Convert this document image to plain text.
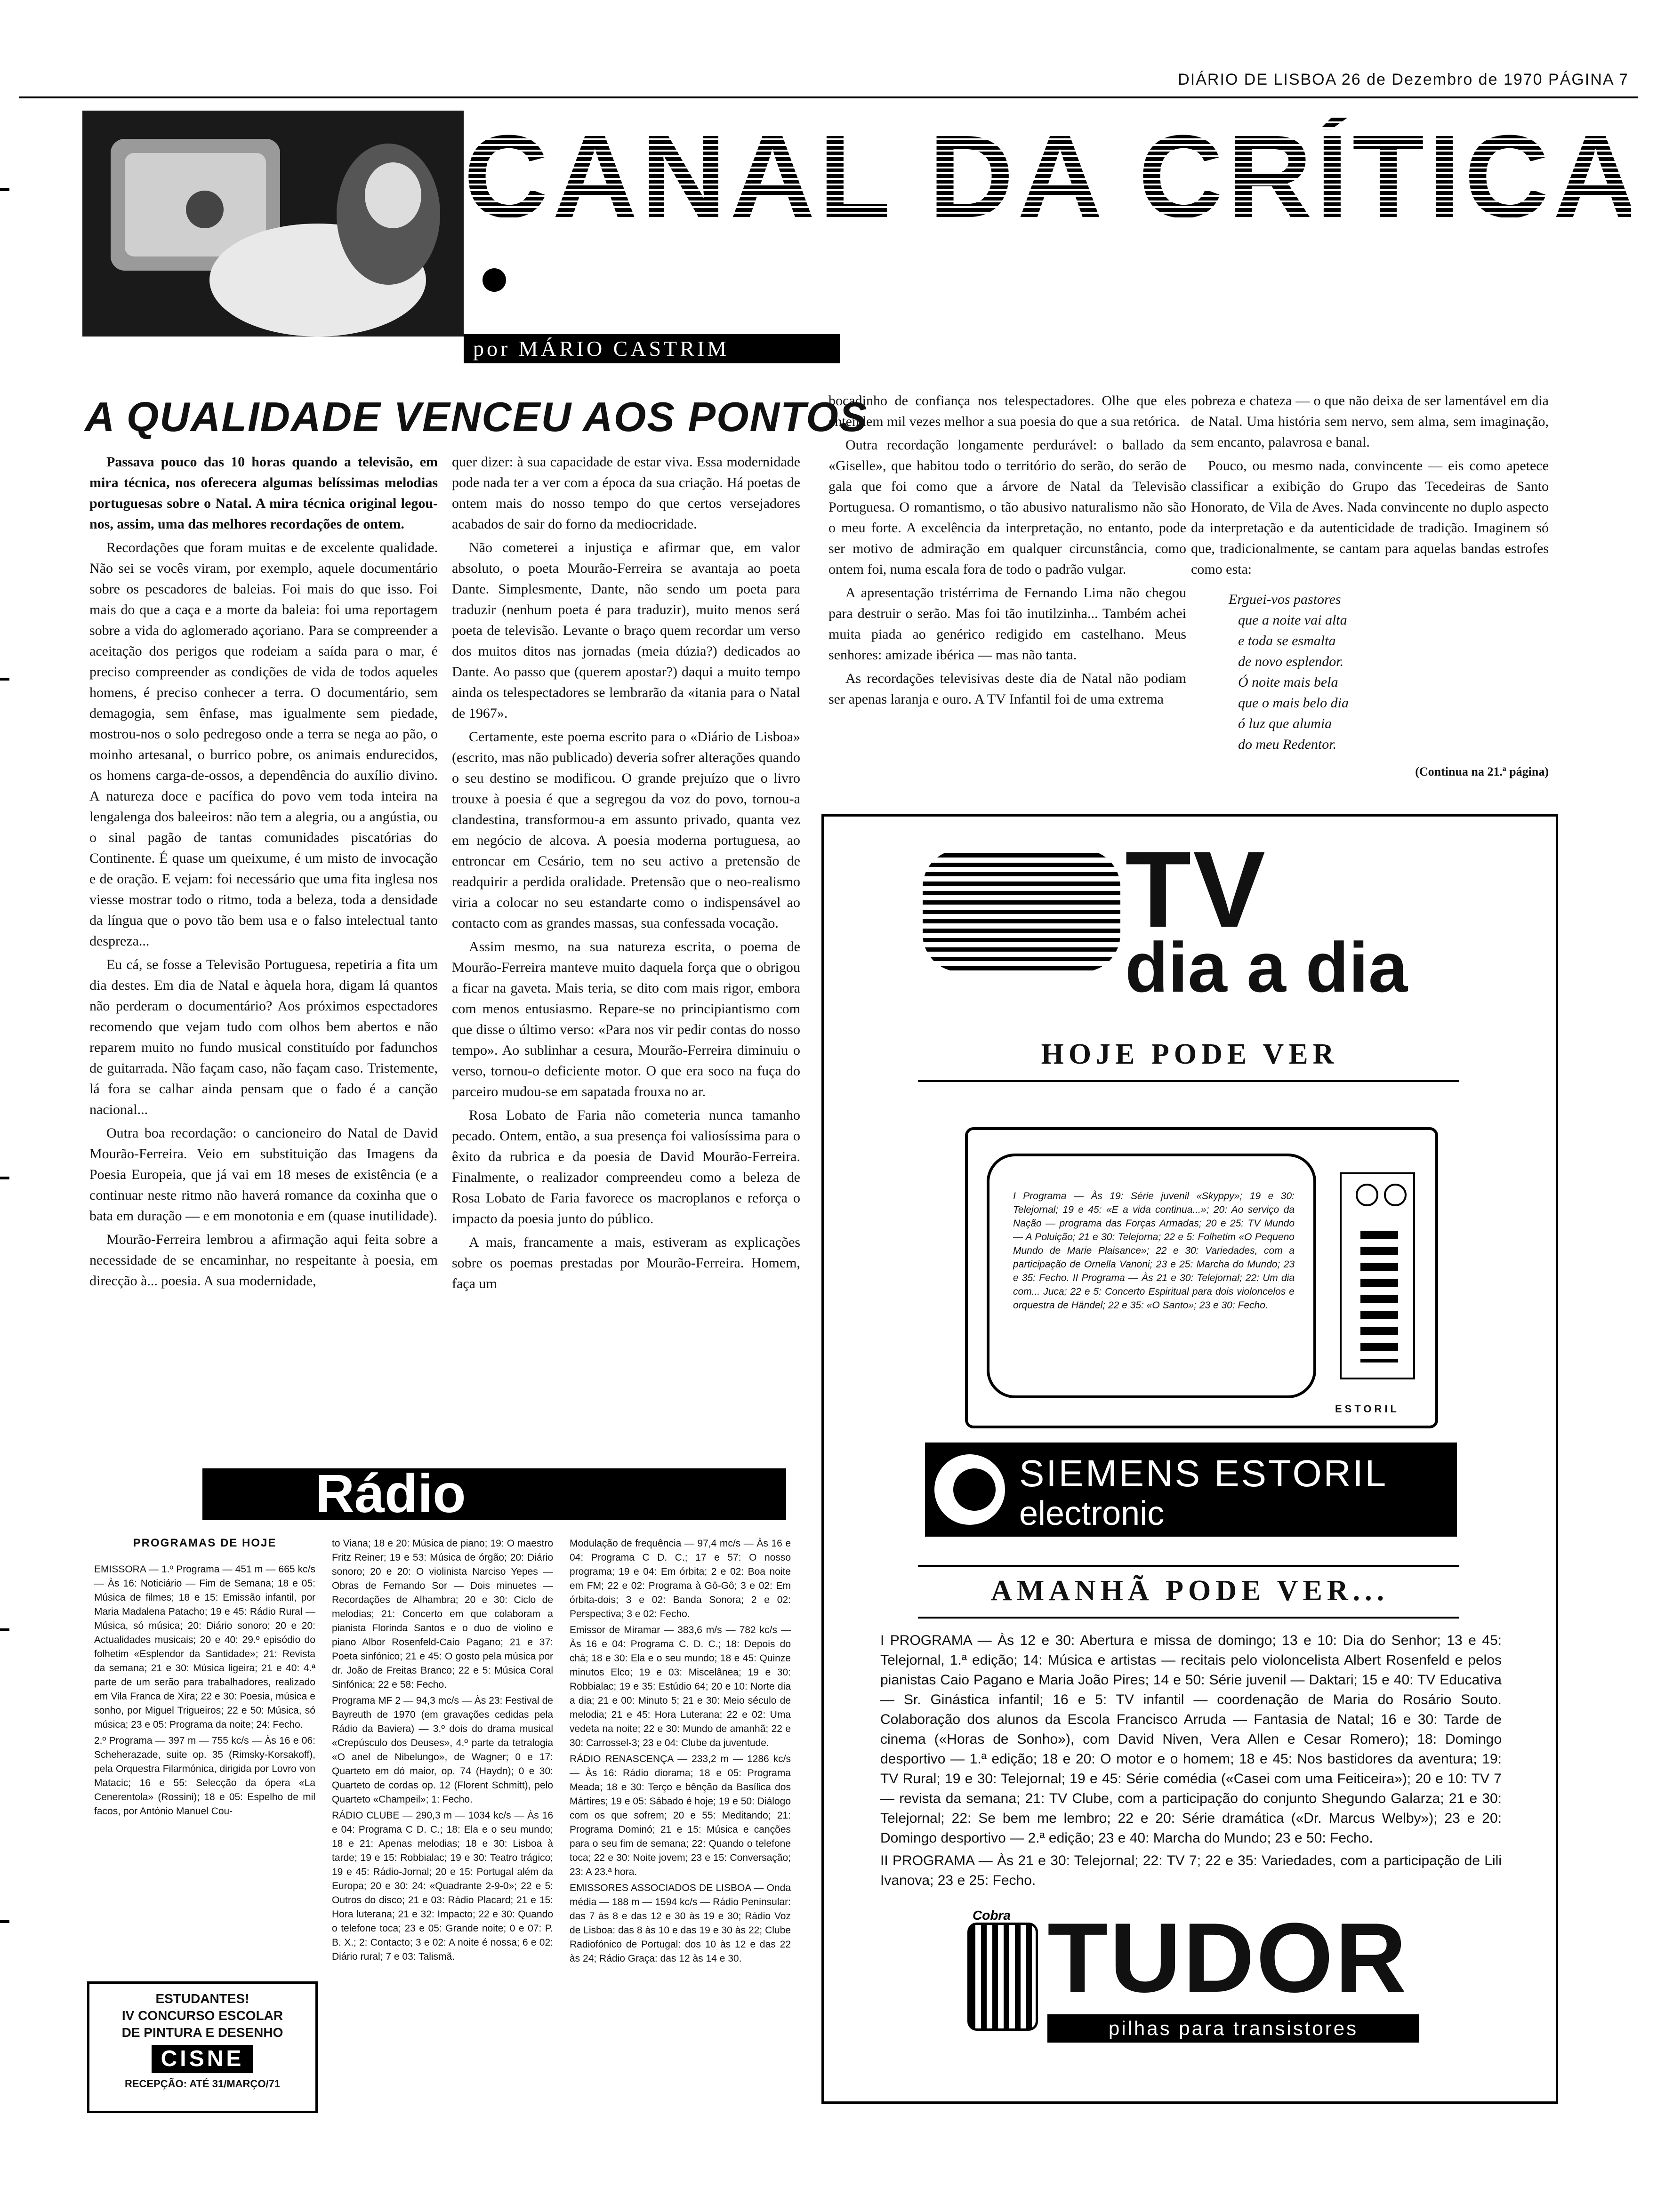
DIÁRIO DE LISBOA 26 de Dezembro de 1970 PÁGINA 7
CANAL DA CRÍTICA
por MÁRIO CASTRIM
A QUALIDADE VENCEU AOS PONTOS

Passava pouco das 10 horas quando a televisão, em mira técnica, nos oferecera algumas belíssimas melodias portuguesas sobre o Natal. A mira técnica original legou-nos, assim, uma das melhores recordações de ontem.

Recordações que foram muitas e de excelente qualidade. Não sei se vocês viram, por exemplo, aquele documentário sobre os pescadores de baleias. Foi mais do que isso. Foi mais do que a caça e a morte da baleia: foi uma reportagem sobre a vida do aglomerado açoriano. Para se compreender a aceitação dos perigos que rodeiam a saída para o mar, é preciso compreender as condições de vida de todos aqueles homens, é preciso conhecer a terra. O documentário, sem demagogia, sem ênfase, mas igualmente sem piedade, mostrou-nos o solo pedregoso onde a terra se nega ao pão, o moinho artesanal, o burrico pobre, os animais endurecidos, os homens carga-de-ossos, a dependência do auxílio divino. A natureza doce e pacífica do povo vem toda inteira na lengalenga dos baleeiros: não tem a alegria, ou a angústia, ou o sinal pagão de tantas comunidades piscatórias do Continente. É quase um queixume, é um misto de invocação e de oração. E vejam: foi necessário que uma fita inglesa nos viesse mostrar todo o ritmo, toda a beleza, toda a densidade da língua que o povo tão bem usa e o falso intelectual tanto despreza...

Eu cá, se fosse a Televisão Portuguesa, repetiria a fita um dia destes. Em dia de Natal e àquela hora, digam lá quantos não perderam o documentário? Aos próximos espectadores recomendo que vejam tudo com olhos bem abertos e não reparem muito no fundo musical constituído por fadunchos de guitarrada. Não façam caso, não façam caso. Tristemente, lá fora se calhar ainda pensam que o fado é a canção nacional...

Outra boa recordação: o cancioneiro do Natal de David Mourão-Ferreira. Veio em substituição das Imagens da Poesia Europeia, que já vai em 18 meses de existência (e a continuar neste ritmo não haverá romance da coxinha que o bata em duração — e em monotonia e em (quase inutilidade).

Mourão-Ferreira lembrou a afirmação aqui feita sobre a necessidade de se encaminhar, no respeitante à poesia, em direcção à... poesia. A sua modernidade,

quer dizer: à sua capacidade de estar viva. Essa modernidade pode nada ter a ver com a época da sua criação. Há poetas de ontem mais do nosso tempo do que certos versejadores acabados de sair do forno da mediocridade.

Não cometerei a injustiça e afirmar que, em valor absoluto, o poeta Mourão-Ferreira se avantaja ao poeta Dante. Simplesmente, Dante, não sendo um poeta para traduzir (nenhum poeta é para traduzir), muito menos será poeta de televisão. Levante o braço quem recordar um verso dos muitos ditos nas jornadas (meia dúzia?) dedicados ao Dante. Ao passo que (querem apostar?) daqui a muito tempo ainda os telespectadores se lembrarão da «itania para o Natal de 1967».

Certamente, este poema escrito para o «Diário de Lisboa» (escrito, mas não publicado) deveria sofrer alterações quando o seu destino se modificou. O grande prejuízo que o livro trouxe à poesia é que a segregou da voz do povo, tornou-a clandestina, transformou-a em assunto privado, quanta vez em negócio de alcova. A poesia moderna portuguesa, ao entroncar em Cesário, tem no seu activo a pretensão de readquirir a perdida oralidade. Pretensão que o neo-realismo viria a colocar no seu estandarte como o indispensável ao contacto com as grandes massas, sua confessada vocação.

Assim mesmo, na sua natureza escrita, o poema de Mourão-Ferreira manteve muito daquela força que o obrigou a ficar na gaveta. Mais teria, se dito com mais rigor, embora com menos entusiasmo. Repare-se no principiantismo com que disse o último verso: «Para nos vir pedir contas do nosso tempo». Ao sublinhar a cesura, Mourão-Ferreira diminuiu o verso, tornou-o deficiente motor. O que era soco na fuça do parceiro mudou-se em sapatada frouxa no ar.

Rosa Lobato de Faria não cometeria nunca tamanho pecado. Ontem, então, a sua presença foi valiosíssima para o êxito da rubrica e da poesia de David Mourão-Ferreira. Finalmente, o realizador compreendeu como a beleza de Rosa Lobato de Faria favorece os macroplanos e reforça o impacto da poesia junto do público.

A mais, francamente a mais, estiveram as explicações sobre os poemas prestadas por Mourão-Ferreira. Homem, faça um

bocadinho de confiança nos telespectadores. Olhe que eles entendem mil vezes melhor a sua poesia do que a sua retórica.

Outra recordação longamente perdurável: o ballado da «Giselle», que habitou todo o território do serão, do serão de gala que foi como que a árvore de Natal da Televisão Portuguesa. O romantismo, o tão abusivo naturalismo não são o meu forte. A excelência da interpretação, no entanto, pode ser motivo de admiração em qualquer circunstância, como ontem foi, numa escala fora de todo o padrão vulgar.

A apresentação tristérrima de Fernando Lima não chegou para destruir o serão. Mas foi tão inutilzinha... Também achei muita piada ao genérico redigido em castelhano. Meus senhores: amizade ibérica — mas não tanta.

As recordações televisivas deste dia de Natal não podiam ser apenas laranja e ouro. A TV Infantil foi de uma extrema

pobreza e chateza — o que não deixa de ser lamentável em dia de Natal. Uma história sem nervo, sem alma, sem imaginação, sem encanto, palavrosa e banal.

Pouco, ou mesmo nada, convincente — eis como apetece classificar a exibição do Grupo das Tecedeiras de Santo Honorato, de Vila de Aves. Nada convincente no duplo aspecto da interpretação e da autenticidade de tradição. Imaginem só que, tradicionalmente, se cantam para aquelas bandas estrofes como esta:

Erguei-vos pastores
que a noite vai alta
e toda se esmalta
de novo esplendor.
Ó noite mais bela
que o mais belo dia
ó luz que alumia
do meu Redentor.
(Continua na 21.ª página)
TV
dia a dia
HOJE PODE VER
I Programa — Às 19: Série juvenil «Skyppy»; 19 e 30: Telejornal; 19 e 45: «E a vida continua...»; 20: Ao serviço da Nação — programa das Forças Armadas; 20 e 25: TV Mundo — A Poluição; 21 e 30: Telejorna; 22 e 5: Folhetim «O Pequeno Mundo de Marie Plaisance»; 22 e 30: Variedades, com a participação de Ornella Vanoni; 23 e 25: Marcha do Mundo; 23 e 35: Fecho. II Programa — Às 21 e 30: Telejornal; 22: Um dia com... Juca; 22 e 5: Concerto Espiritual para dois violoncelos e orquestra de Händel; 22 e 35: «O Santo»; 23 e 30: Fecho.
ESTORIL
SIEMENS ESTORIL
electronic
AMANHÃ PODE VER...

I PROGRAMA — Às 12 e 30: Abertura e missa de domingo; 13 e 10: Dia do Senhor; 13 e 45: Telejornal, 1.ª edição; 14: Música e artistas — recitais pelo violoncelista Albert Rosenfeld e pelos pianistas Caio Pagano e Maria João Pires; 14 e 50: Série juvenil — Daktari; 15 e 40: TV Educativa — Sr. Ginástica infantil; 16 e 5: TV infantil — coordenação de Maria do Rosário Souto. Colaboração dos alunos da Escola Francisco Arruda — Fantasia de Natal; 16 e 30: Tarde de cinema («Horas de Sonho»), com David Niven, Vera Allen e Cesar Romero); 18: Domingo desportivo — 1.ª edição; 18 e 20: O motor e o homem; 18 e 45: Nos bastidores da aventura; 19: TV Rural; 19 e 30: Telejornal; 19 e 45: Série comédia («Casei com uma Feiticeira»); 20 e 10: TV 7 — revista da semana; 21: TV Clube, com a participação do conjunto Shegundo Galarza; 21 e 30: Telejornal; 22: Se bem me lembro; 22 e 20: Série dramática («Dr. Marcus Welby»); 23 e 20: Domingo desportivo — 2.ª edição; 23 e 40: Marcha do Mundo; 23 e 50: Fecho.

II PROGRAMA — Às 21 e 30: Telejornal; 22: TV 7; 22 e 35: Variedades, com a participação de Lili Ivanova; 23 e 25: Fecho.

Cobra TUDOR
pilhas para transistores
Rádio
PROGRAMAS DE HOJE

EMISSORA — 1.º Programa — 451 m — 665 kc/s — Às 16: Noticiário — Fim de Semana; 18 e 05: Música de filmes; 18 e 15: Emissão infantil, por Maria Madalena Patacho; 19 e 45: Rádio Rural — Música, só música; 20: Diário sonoro; 20 e 20: Actualidades musicais; 20 e 40: 29.º episódio do folhetim «Esplendor da Santidade»; 21: Revista da semana; 21 e 30: Música ligeira; 21 e 40: 4.ª parte de um serão para trabalhadores, realizado em Vila Franca de Xira; 22 e 30: Poesia, música e sonho, por Miguel Trigueiros; 22 e 50: Música, só música; 23 e 05: Programa da noite; 24: Fecho.

2.º Programa — 397 m — 755 kc/s — Às 16 e 06: Scheherazade, suite op. 35 (Rimsky-Korsakoff), pela Orquestra Filarmónica, dirigida por Lovro von Matacic; 16 e 55: Selecção da ópera «La Cenerentola» (Rossini); 18 e 05: Espelho de mil facos, por António Manuel Cou-

to Viana; 18 e 20: Música de piano; 19: O maestro Fritz Reiner; 19 e 53: Música de órgão; 20: Diário sonoro; 20 e 20: O violinista Narciso Yepes — Obras de Fernando Sor — Dois minuetes — Recordações de Alhambra; 20 e 30: Ciclo de melodias; 21: Concerto em que colaboram a pianista Florinda Santos e o duo de violino e piano Albor Rosenfeld-Caio Pagano; 21 e 37: Poeta sinfónico; 21 e 45: O gosto pela música por dr. João de Freitas Branco; 22 e 5: Música Coral Sinfónica; 22 e 58: Fecho.

Programa MF 2 — 94,3 mc/s — Às 23: Festival de Bayreuth de 1970 (em gravações cedidas pela Rádio da Baviera) — 3.º dois do drama musical «Crepúsculo dos Deuses», 4.º parte da tetralogia «O anel de Nibelungo», de Wagner; 0 e 17: Quarteto em dó maior, op. 74 (Haydn); 0 e 30: Quarteto de cordas op. 12 (Florent Schmitt), pelo Quarteto «Champeil»; 1: Fecho.

RÁDIO CLUBE — 290,3 m — 1034 kc/s — Às 16 e 04: Programa C D. C.; 18: Ela e o seu mundo; 18 e 21: Apenas melodias; 18 e 30: Lisboa à tarde; 19 e 15: Robbialac; 19 e 30: Teatro trágico; 19 e 45: Rádio-Jornal; 20 e 15: Portugal além da Europa; 20 e 30: 24: «Quadrante 2-9-0»; 22 e 5: Outros do disco; 21 e 03: Rádio Placard; 21 e 15: Hora luterana; 21 e 32: Impacto; 22 e 30: Quando o telefone toca; 23 e 05: Grande noite; 0 e 07: P. B. X.; 2: Contacto; 3 e 02: A noite é nossa; 6 e 02: Diário rural; 7 e 03: Talismã.

Modulação de frequência — 97,4 mc/s — Às 16 e 04: Programa C D. C.; 17 e 57: O nosso programa; 19 e 04: Em órbita; 2 e 02: Boa noite em FM; 22 e 02: Programa à Gô-Gô; 3 e 02: Em órbita-dois; 3 e 02: Banda Sonora; 2 e 02: Perspectiva; 3 e 02: Fecho.

Emissor de Miramar — 383,6 m/s — 782 kc/s — Às 16 e 04: Programa C. D. C.; 18: Depois do chá; 18 e 30: Ela e o seu mundo; 18 e 45: Quinze minutos Elco; 19 e 03: Miscelânea; 19 e 30: Robbialac; 19 e 35: Estúdio 64; 20 e 10: Norte dia a dia; 21 e 00: Minuto 5; 21 e 30: Meio século de melodia; 21 e 45: Hora Luterana; 22 e 02: Uma vedeta na noite; 22 e 30: Mundo de amanhã; 22 e 30: Carrossel-3; 23 e 04: Clube da juventude.

RÁDIO RENASCENÇA — 233,2 m — 1286 kc/s — Às 16: Rádio diorama; 18 e 05: Programa Meada; 18 e 30: Terço e bênção da Basílica dos Mártires; 19 e 05: Sábado é hoje; 19 e 50: Diálogo com os que sofrem; 20 e 55: Meditando; 21: Programa Dominó; 21 e 15: Música e canções para o seu fim de semana; 22: Quando o telefone toca; 22 e 30: Noite jovem; 23 e 15: Conversação; 23: A 23.ª hora.

EMISSORES ASSOCIADOS DE LISBOA — Onda média — 188 m — 1594 kc/s — Rádio Peninsular: das 7 às 8 e das 12 e 30 às 19 e 30; Rádio Voz de Lisboa: das 8 às 10 e das 19 e 30 às 22; Clube Radiofónico de Portugal: dos 10 às 12 e das 22 às 24; Rádio Graça: das 12 às 14 e 30.

ESTUDANTES!
IV CONCURSO ESCOLAR
DE PINTURA E DESENHO
CISNE
RECEPÇÃO: ATÉ 31/MARÇO/71
